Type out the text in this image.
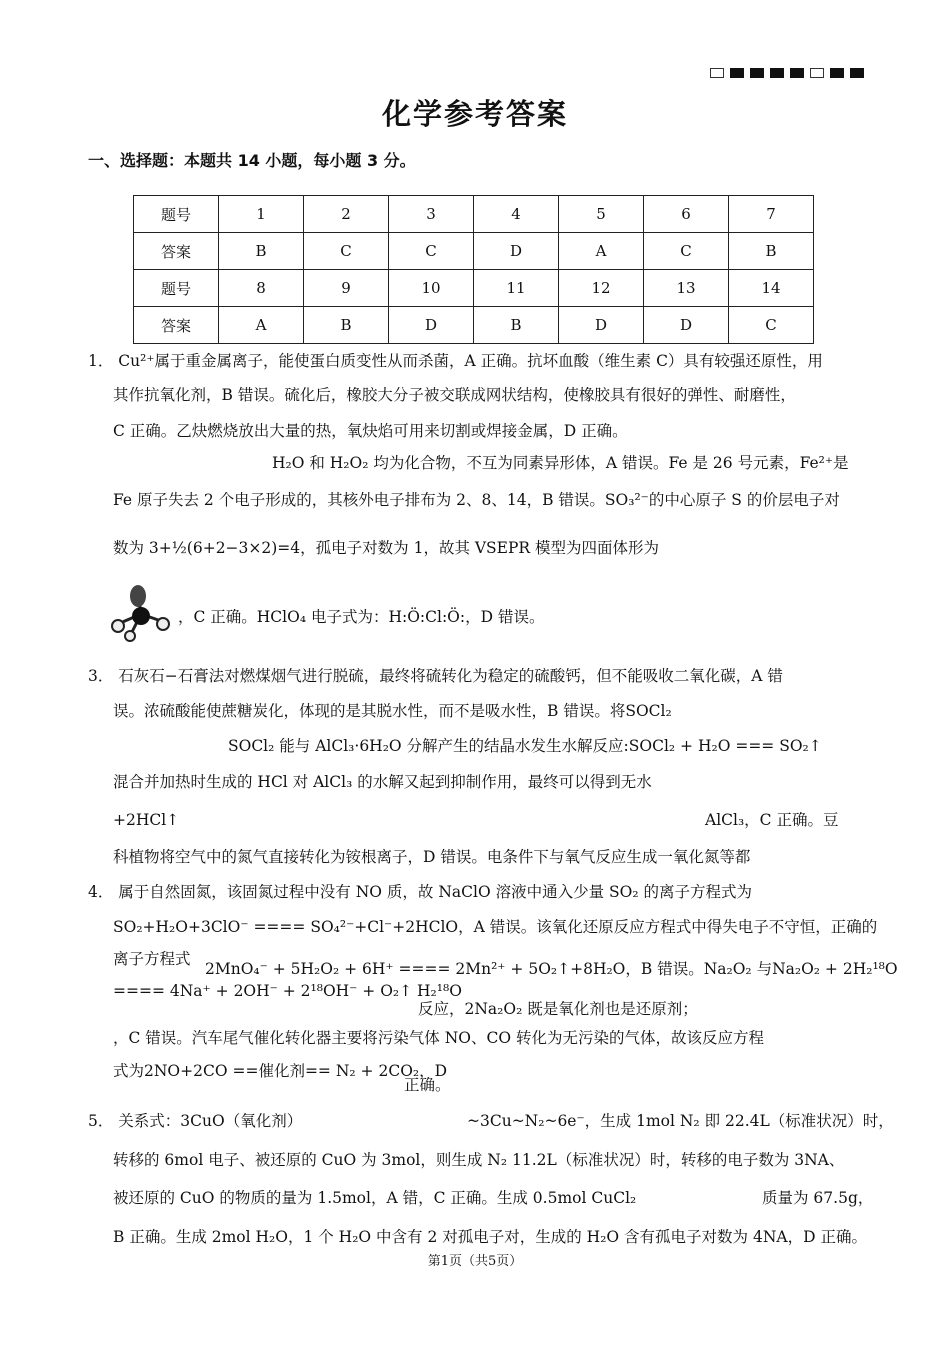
化学参考答案
一、选择题：本题共 14 小题，每小题 3 分。
题号	1	2	3	4	5	6	7
答案	B	C	C	D	A	C	B
题号	8	9	10	11	12	13	14
答案	A	B	D	B	D	D	C
1． Cu²⁺属于重金属离子，能使蛋白质变性从而杀菌，A 正确。抗坏血酸（维生素 C）具有较强还原性，用
其作抗氧化剂，B 错误。硫化后，橡胶大分子被交联成网状结构，使橡胶具有很好的弹性、耐磨性，
C 正确。乙炔燃烧放出大量的热，氧炔焰可用来切割或焊接金属，D 正确。
H₂O 和 H₂O₂ 均为化合物，不互为同素异形体，A 错误。Fe 是 26 号元素，Fe²⁺是
Fe 原子失去 2 个电子形成的，其核外电子排布为 2、8、14，B 错误。SO₃²⁻的中心原子 S 的价层电子对
数为 3+½(6+2−3×2)=4，孤电子对数为 1，故其 VSEPR 模型为四面体形为
，C 正确。HClO₄ 电子式为：H:Ö:Cl:Ö:，D 错误。
3． 石灰石−石膏法对燃煤烟气进行脱硫，最终将硫转化为稳定的硫酸钙，但不能吸收二氧化碳，A 错
误。浓硫酸能使蔗糖炭化，体现的是其脱水性，而不是吸水性，B 错误。将SOCl₂
SOCl₂ 能与 AlCl₃·6H₂O 分解产生的结晶水发生水解反应:SOCl₂ + H₂O === SO₂↑
混合并加热时生成的 HCl 对 AlCl₃ 的水解又起到抑制作用，最终可以得到无水
+2HCl↑	AlCl₃，C 正确。豆
科植物将空气中的氮气直接转化为铵根离子，D 错误。电条件下与氧气反应生成一氧化氮等都
4． 属于自然固氮，该固氮过程中没有 NO 质，故 NaClO 溶液中通入少量 SO₂ 的离子方程式为
SO₂+H₂O+3ClO⁻ ==== SO₄²⁻+Cl⁻+2HClO，A 错误。该氧化还原反应方程式中得失电子不守恒，正确的
离子方程式
2MnO₄⁻ + 5H₂O₂ + 6H⁺ ==== 2Mn²⁺ + 5O₂↑+8H₂O，B 错误。Na₂O₂ 与Na₂O₂ + 2H₂¹⁸O
==== 4Na⁺ + 2OH⁻ + 2¹⁸OH⁻ + O₂↑ H₂¹⁸O
反应，2Na₂O₂ 既是氧化剂也是还原剂；
，C 错误。汽车尾气催化转化器主要将污染气体 NO、CO 转化为无污染的气体，故该反应方程
式为2NO+2CO ==催化剂== N₂ + 2CO₂，D
正确。
5． 关系式：3CuO（氧化剂）	~3Cu~N₂~6e⁻，生成 1mol N₂ 即 22.4L（标准状况）时，
转移的 6mol 电子、被还原的 CuO 为 3mol，则生成 N₂ 11.2L（标准状况）时，转移的电子数为 3NA、
被还原的 CuO 的物质的量为 1.5mol，A 错，C 正确。生成 0.5mol CuCl₂	质量为 67.5g，
B 正确。生成 2mol H₂O，1 个 H₂O 中含有 2 对孤电子对，生成的 H₂O 含有孤电子对数为 4NA，D 正确。
第1页（共5页）
